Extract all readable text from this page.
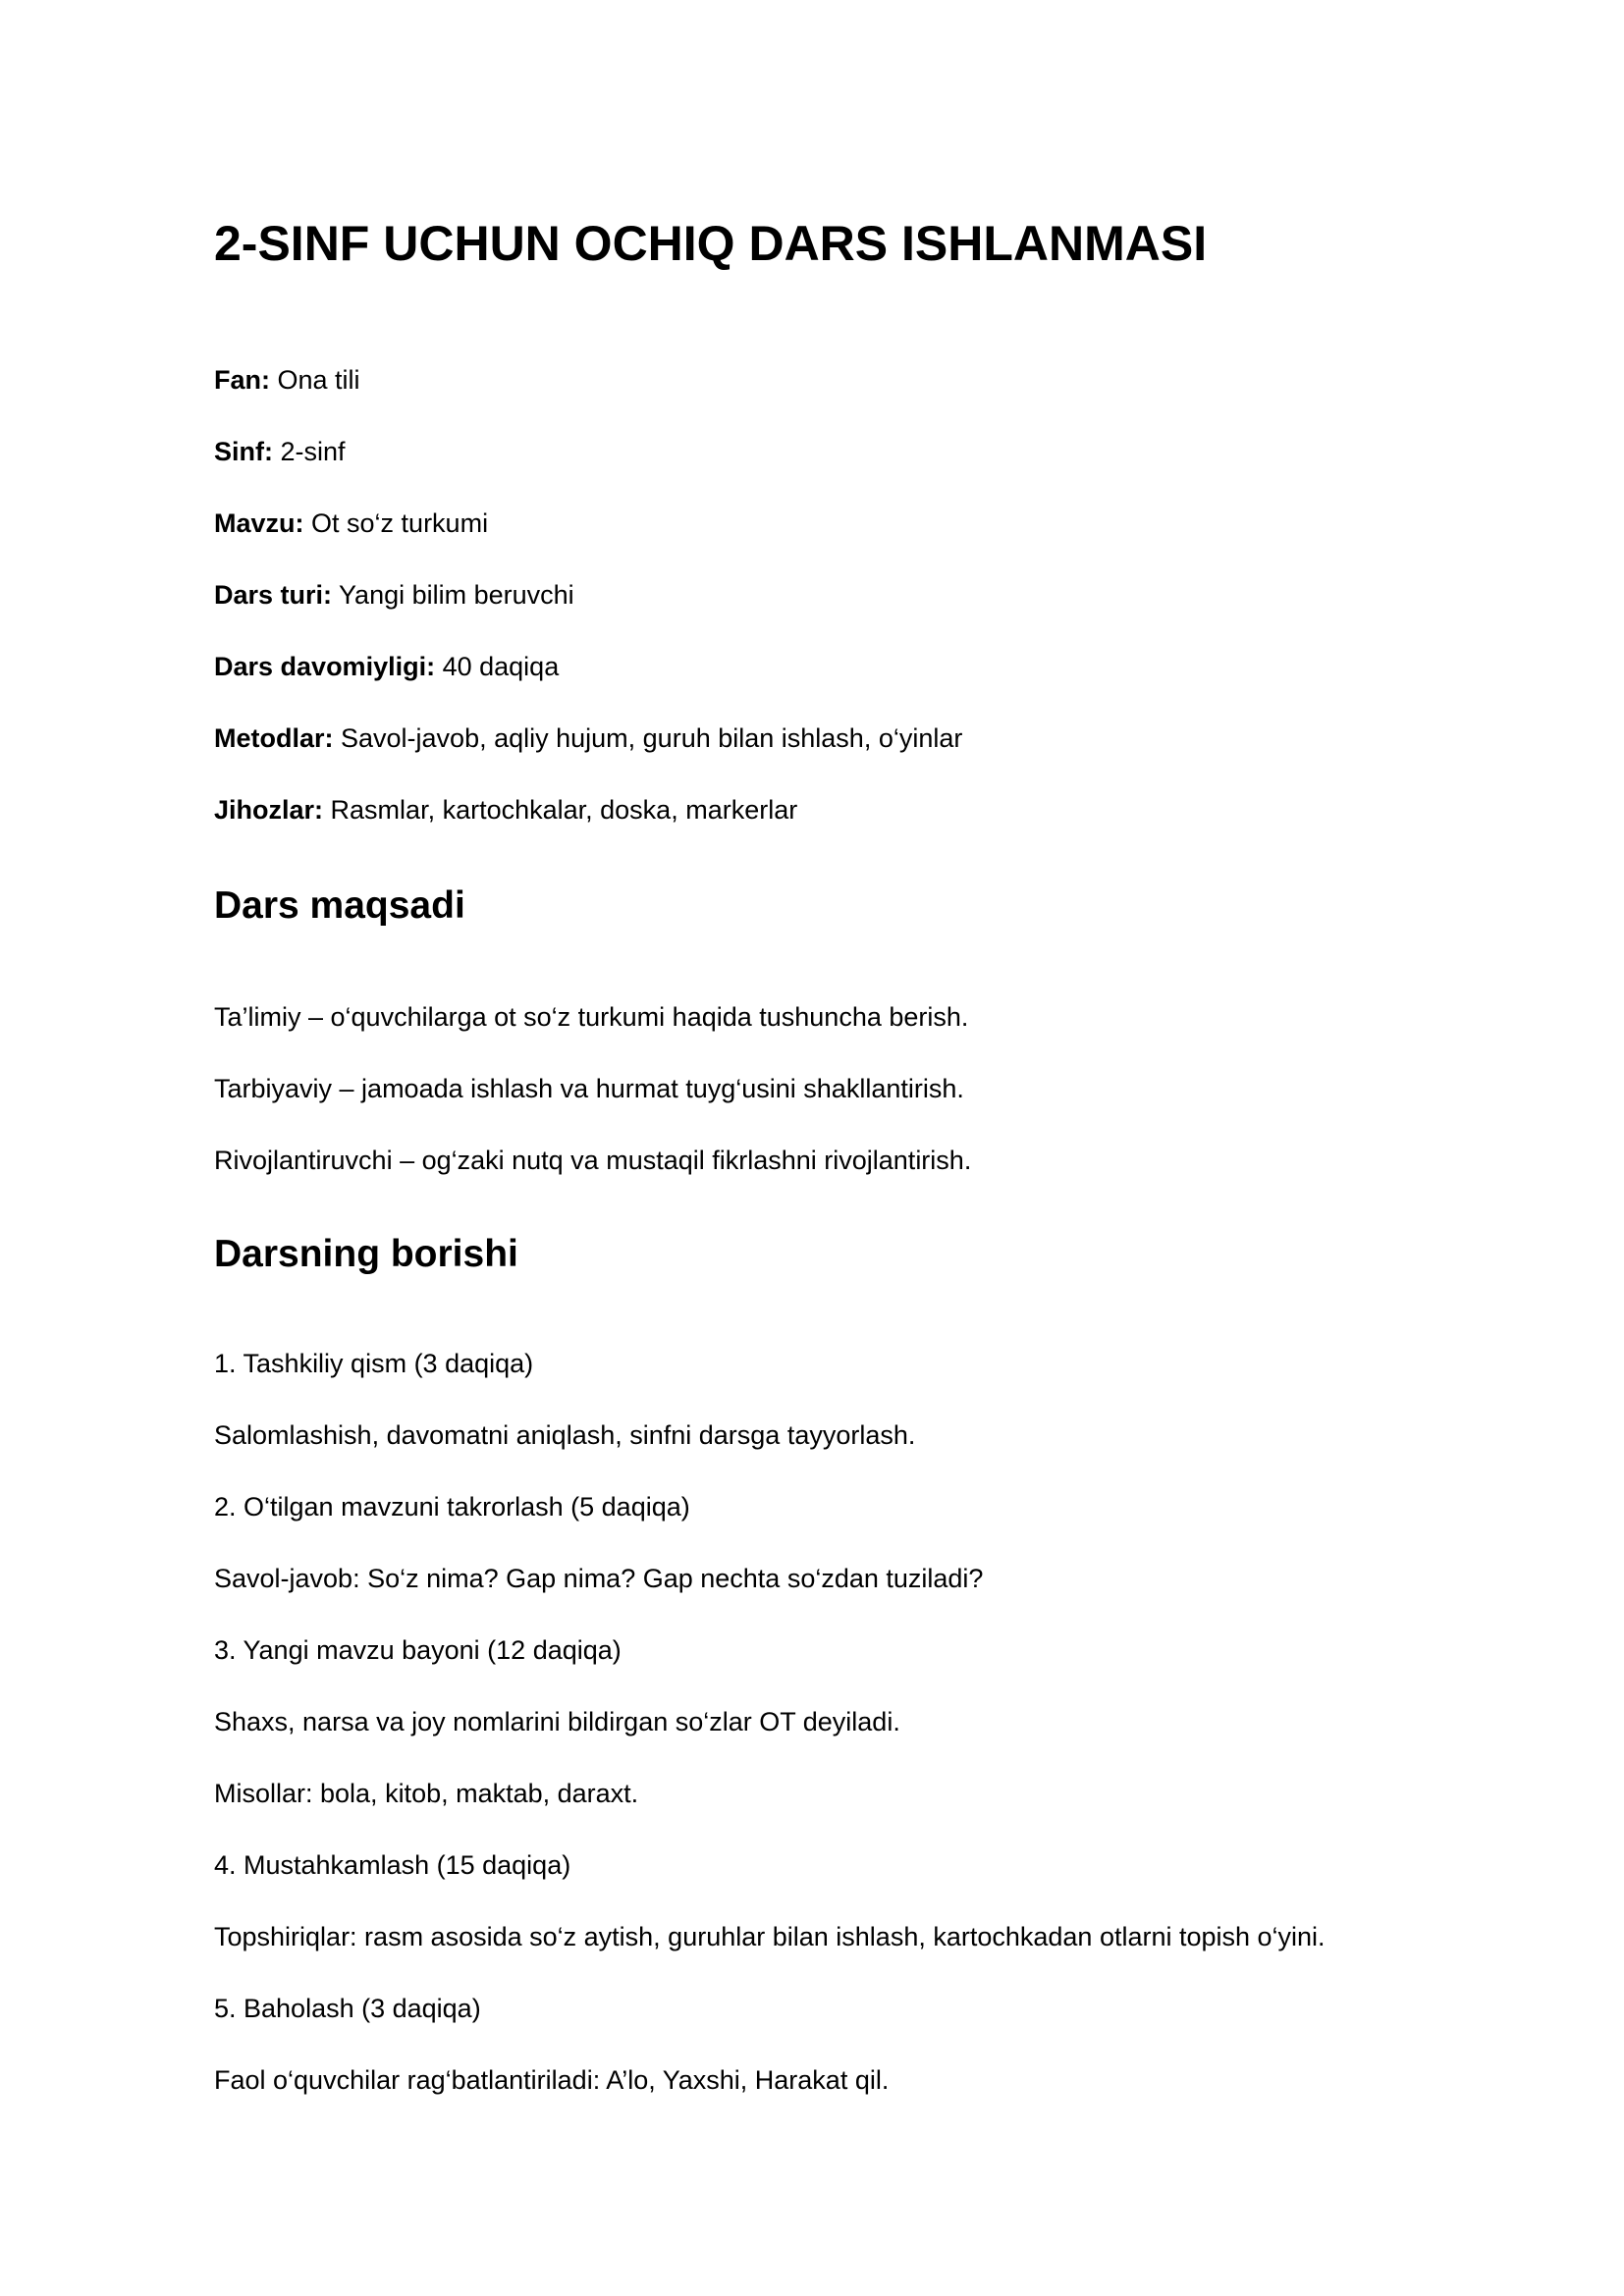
2-SINF UCHUN OCHIQ DARS ISHLANMASI

Fan: Ona tili

Sinf: 2-sinf

Mavzu: Ot so‘z turkumi

Dars turi: Yangi bilim beruvchi

Dars davomiyligi: 40 daqiqa

Metodlar: Savol-javob, aqliy hujum, guruh bilan ishlash, o‘yinlar

Jihozlar: Rasmlar, kartochkalar, doska, markerlar

Dars maqsadi

Ta’limiy – o‘quvchilarga ot so‘z turkumi haqida tushuncha berish.

Tarbiyaviy – jamoada ishlash va hurmat tuyg‘usini shakllantirish.

Rivojlantiruvchi – og‘zaki nutq va mustaqil fikrlashni rivojlantirish.

Darsning borishi

1. Tashkiliy qism (3 daqiqa)

Salomlashish, davomatni aniqlash, sinfni darsga tayyorlash.

2. O‘tilgan mavzuni takrorlash (5 daqiqa)

Savol-javob: So‘z nima? Gap nima? Gap nechta so‘zdan tuziladi?

3. Yangi mavzu bayoni (12 daqiqa)

Shaxs, narsa va joy nomlarini bildirgan so‘zlar OT deyiladi.

Misollar: bola, kitob, maktab, daraxt.

4. Mustahkamlash (15 daqiqa)

Topshiriqlar: rasm asosida so‘z aytish, guruhlar bilan ishlash, kartochkadan otlarni topish o‘yini.

5. Baholash (3 daqiqa)

Faol o‘quvchilar rag‘batlantiriladi: A’lo, Yaxshi, Harakat qil.
